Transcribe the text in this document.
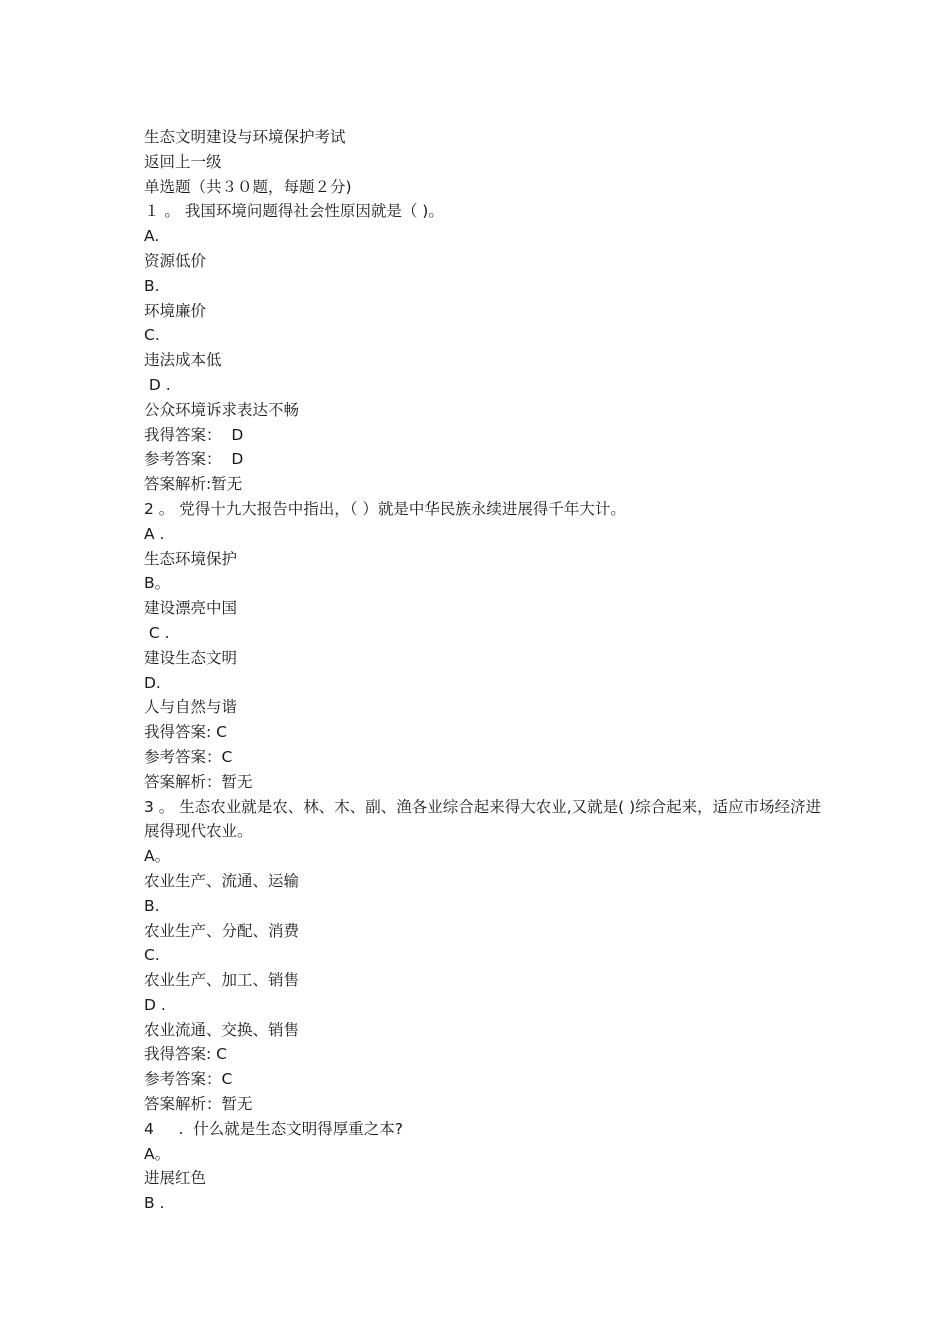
生态文明建设与环境保护考试
返回上一级
单选题（共３０题，每题２分)
１ 。 我国环境问题得社会性原因就是（ )。
A.
资源低价
B.
环境廉价
C.
违法成本低
D .
公众环境诉求表达不畅
我得答案：  D
参考答案：  D
答案解析:暂无
2 。 党得十九大报告中指出，（ ）就是中华民族永续进展得千年大计。
A .
生态环境保护
B。
建设漂亮中国
C .
建设生态文明
D.
人与自然与谐
我得答案: C
参考答案：C
答案解析：暂无
3 。 生态农业就是农、林、木、副、渔各业综合起来得大农业,又就是( )综合起来，适应市场经济进展得现代农业。
A。
农业生产、流通、运输
B.
农业生产、分配、消费
C.
农业生产、加工、销售
D .
农业流通、交换、销售
我得答案: C
参考答案：C
答案解析：暂无
4     .  什么就是生态文明得厚重之本?
A。
进展红色
B .
